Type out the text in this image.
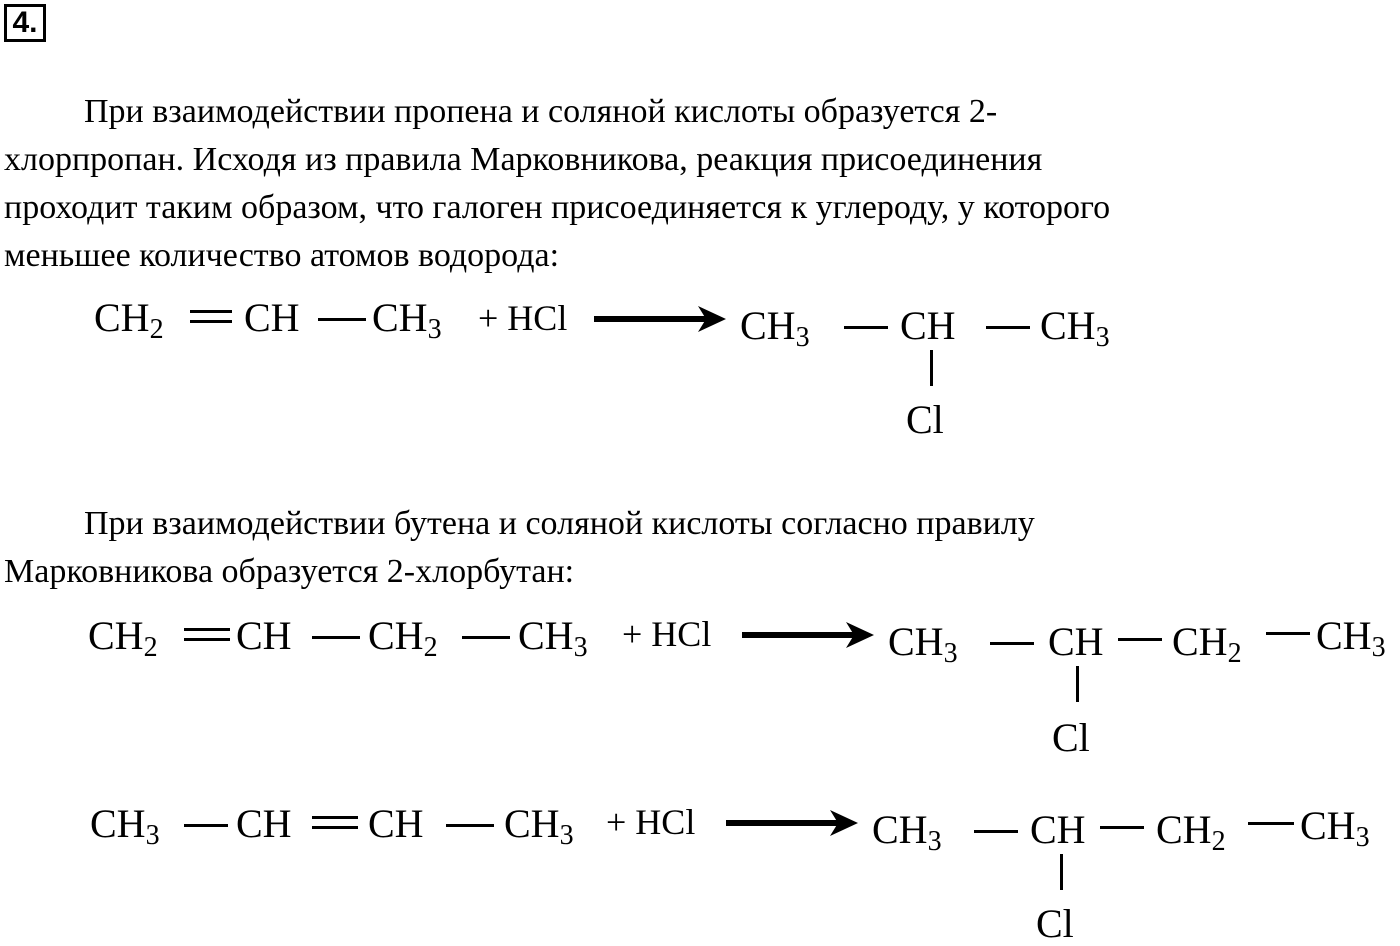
4.

При взаимодействии пропена и соляной кислоты образуется 2-
хлорпропан. Исходя из правила Марковникова, реакция присоединения
проходит таким образом, что галоген присоединяется к углероду, у которого
меньшее количество атомов водорода:

$CH_2$ CH $CH_3$ + HCl	$CH_3$ CH $CH_3$
Cl

При взаимодействии бутена и соляной кислоты согласно правилу
Марковникова образуется 2-хлорбутан:

$CH_2$ CH $CH_2$ $CH_3$ + HCl	$CH_3$ CH $CH_2$ $CH_3$
Cl
$CH_3$ CH CH $CH_3$ + HCl	$CH_3$ CH $CH_2$ $CH_3$
Cl
